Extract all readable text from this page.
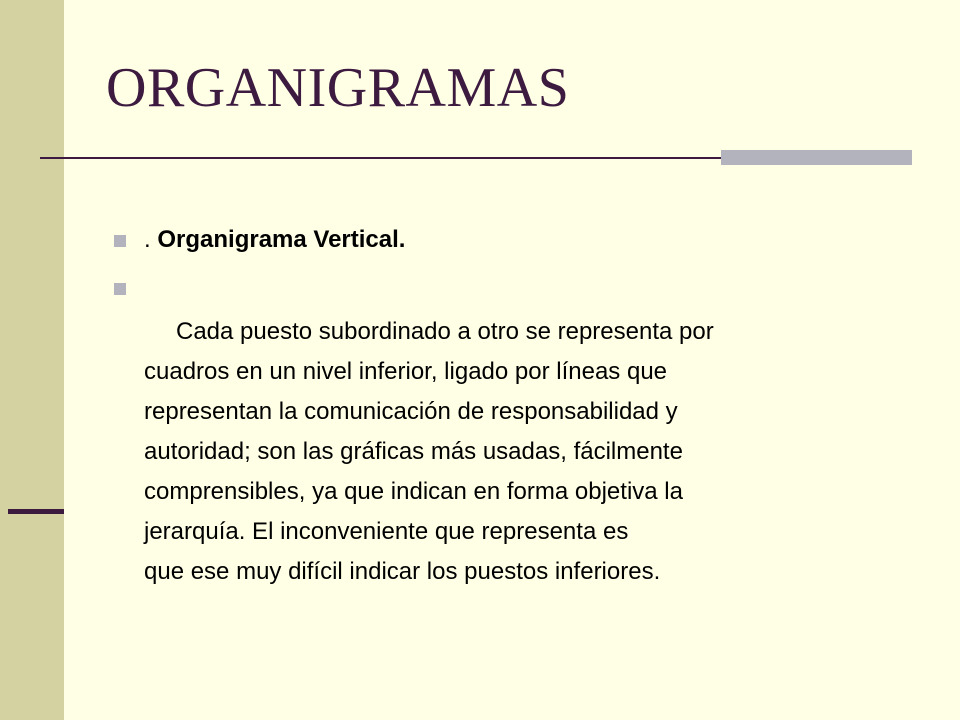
ORGANIGRAMAS

. Organigrama Vertical.

Cada puesto subordinado a otro se representa por
cuadros en un nivel inferior, ligado por líneas que
representan la comunicación de responsabilidad y
autoridad; son las gráficas más usadas, fácilmente
comprensibles, ya que indican en forma objetiva la
jerarquía. El inconveniente que representa es
que ese muy difícil indicar los puestos inferiores.
